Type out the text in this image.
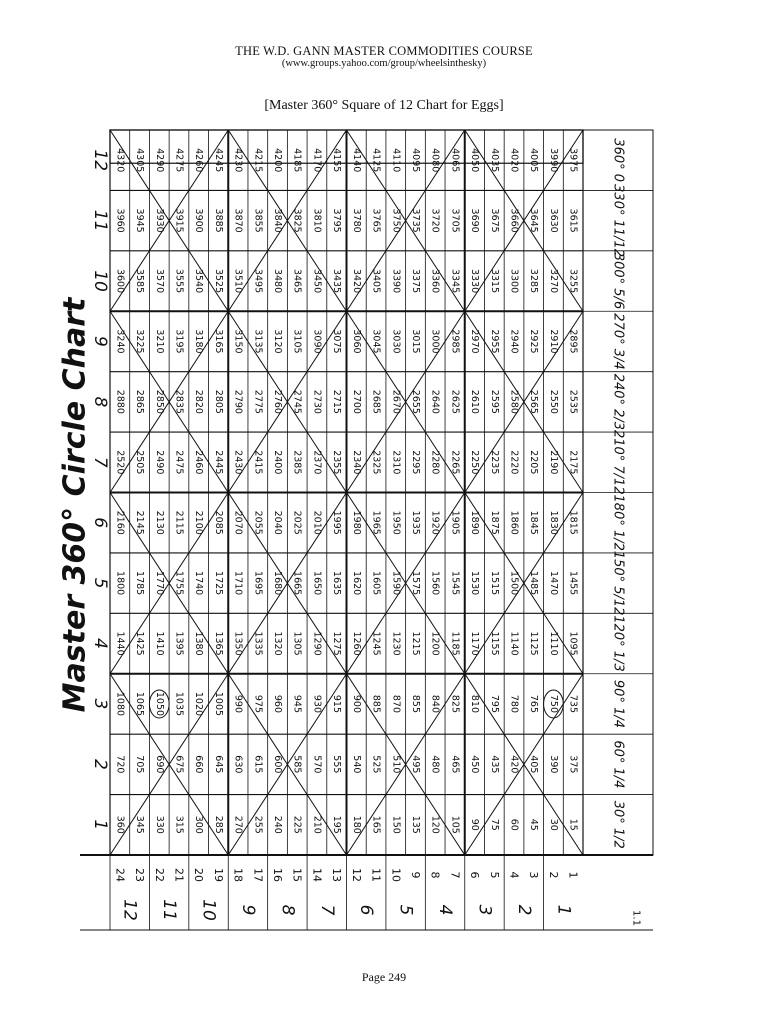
THE W.D. GANN MASTER COMMODITIES COURSE
(www.groups.yahoo.com/group/wheelsinthesky)
[Master 360° Square of 12 Chart for Eggs]
360
720
1080
1440
1800
2160
2520
2880
3240
3600
3960
4320
345
705
1065
1425
1785
2145
2505
2865
3225
3585
3945
4305
330
690
1050
1410
1770
2130
2490
2850
3210
3570
3930
4290
315
675
1035
1395
1755
2115
2475
2835
3195
3555
3915
4275
300
660
1020
1380
1740
2100
2460
2820
3180
3540
3900
4260
285
645
1005
1365
1725
2085
2445
2805
3165
3525
3885
4245
270
630
990
1350
1710
2070
2430
2790
3150
3510
3870
4230
255
615
975
1335
1695
2055
2415
2775
3135
3495
3855
4215
240
600
960
1320
1680
2040
2400
2760
3120
3480
3840
4200
225
585
945
1305
1665
2025
2385
2745
3105
3465
3825
4185
210
570
930
1290
1650
2010
2370
2730
3090
3450
3810
4170
195
555
915
1275
1635
1995
2355
2715
3075
3435
3795
4155
180
540
900
1260
1620
1980
2340
2700
3060
3420
3780
4140
165
525
885
1245
1605
1965
2325
2685
3045
3405
3765
4125
150
510
870
1230
1590
1950
2310
2670
3030
3390
3750
4110
135
495
855
1215
1575
1935
2295
2655
3015
3375
3735
4095
120
480
840
1200
1560
1920
2280
2640
3000
3360
3720
4080
105
465
825
1185
1545
1905
2265
2625
2985
3345
3705
4065
90
450
810
1170
1530
1890
2250
2610
2970
3330
3690
4050
75
435
795
1155
1515
1875
2235
2595
2955
3315
3675
4035
60
420
780
1140
1500
1860
2220
2580
2940
3300
3660
4020
45
405
765
1125
1485
1845
2205
2565
2925
3285
3645
4005
30
390
750
1110
1470
1830
2190
2550
2910
3270
3630
3990
15
375
735
1095
1455
1815
2175
2535
2895
3255
3615
3975
1
2
3
4
5
6
7
8
9
10
11
12
30° 1/2
60° 1/4
90° 1/4
120° 1/3
150° 5/12
180° 1/2
210° 7/12
240° 2/3
270° 3/4
300° 5/6
330° 11/12
360° 0
24 23
12
22 21
11
20 19
10
18 17
9
16 15
8
14 13
7
12 11
6
10 9
5
8 7
4
6 5
3
4 3
2
2 1
1
1.1
Master 360° Circle Chart
Page 249
